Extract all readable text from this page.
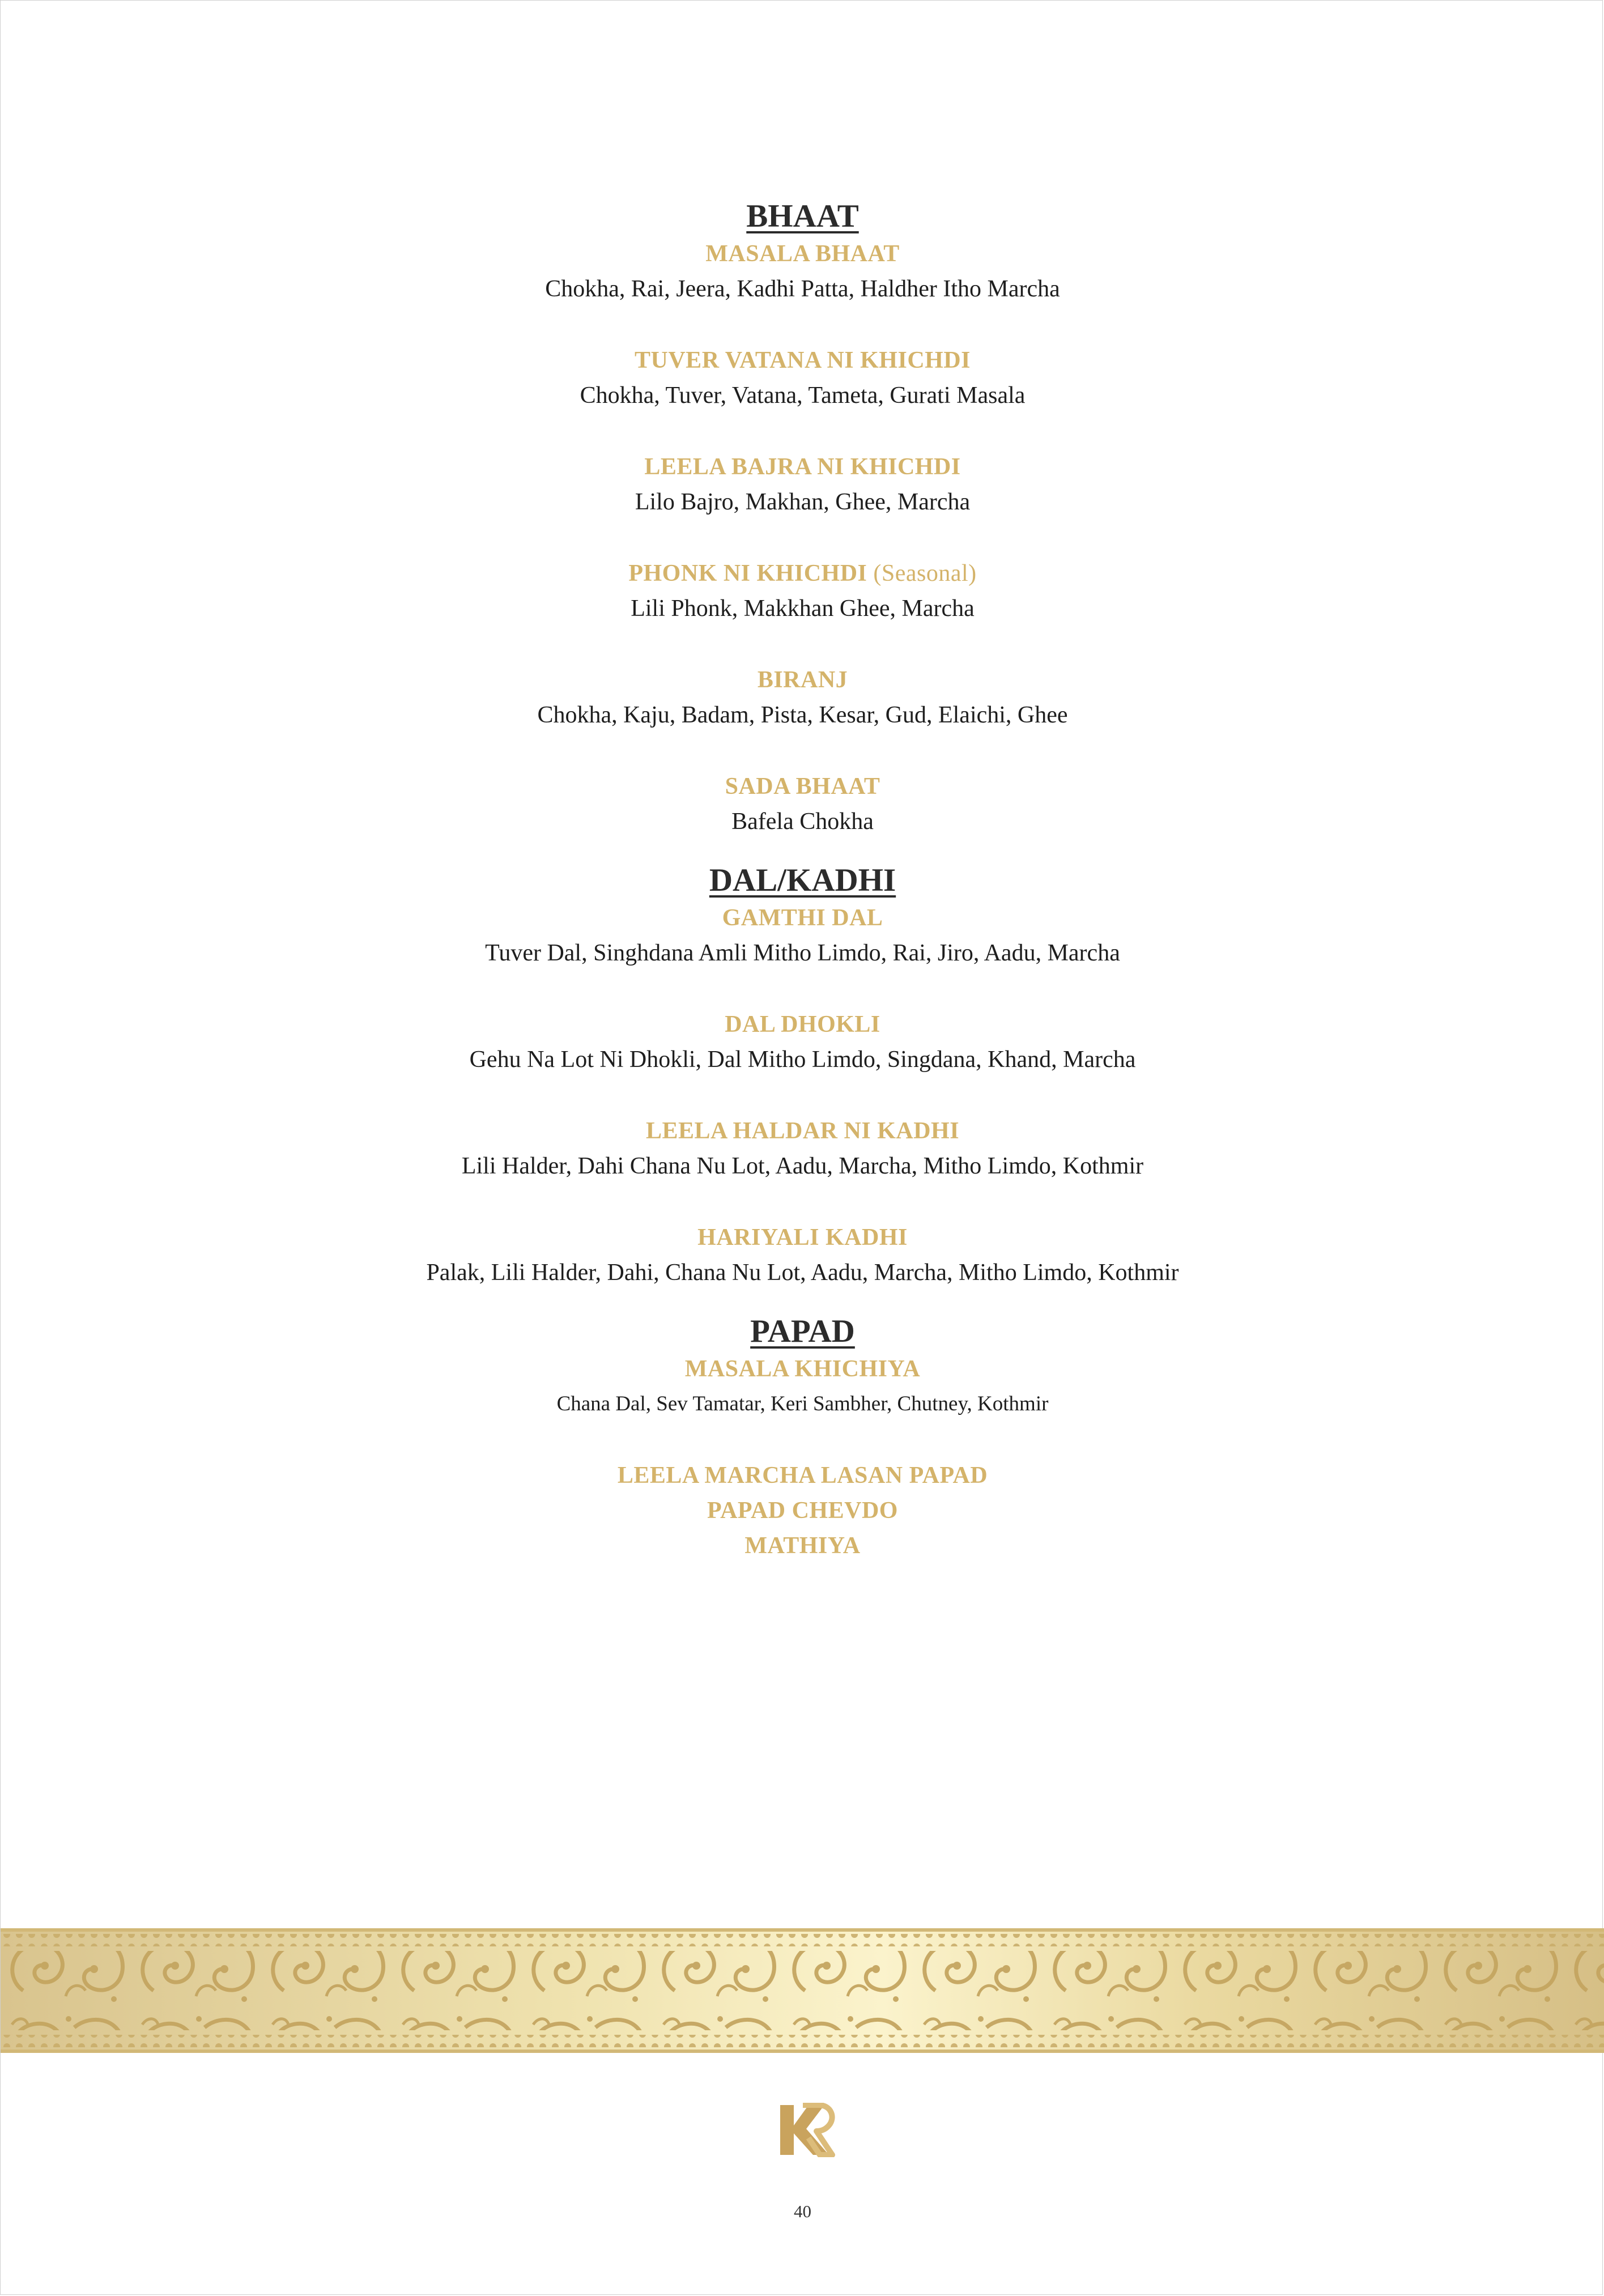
BHAAT

MASALA BHAAT

Chokha, Rai, Jeera, Kadhi Patta, Haldher Itho Marcha

TUVER VATANA NI KHICHDI

Chokha, Tuver, Vatana, Tameta, Gurati Masala

LEELA BAJRA NI KHICHDI

Lilo Bajro, Makhan, Ghee, Marcha

PHONK NI KHICHDI (Seasonal)

Lili Phonk, Makkhan Ghee, Marcha

BIRANJ

Chokha, Kaju, Badam, Pista, Kesar, Gud, Elaichi, Ghee

SADA BHAAT

Bafela Chokha

DAL/KADHI

GAMTHI DAL

Tuver Dal, Singhdana Amli Mitho Limdo, Rai, Jiro, Aadu, Marcha

DAL DHOKLI

Gehu Na Lot Ni Dhokli, Dal Mitho Limdo, Singdana, Khand, Marcha

LEELA HALDAR NI KADHI

Lili Halder, Dahi Chana Nu Lot, Aadu, Marcha, Mitho Limdo, Kothmir

HARIYALI KADHI

Palak, Lili Halder, Dahi, Chana Nu Lot, Aadu, Marcha, Mitho Limdo, Kothmir

PAPAD

MASALA KHICHIYA

Chana Dal, Sev Tamatar, Keri Sambher, Chutney, Kothmir

LEELA MARCHA LASAN PAPAD

PAPAD CHEVDO

MATHIYA

40
